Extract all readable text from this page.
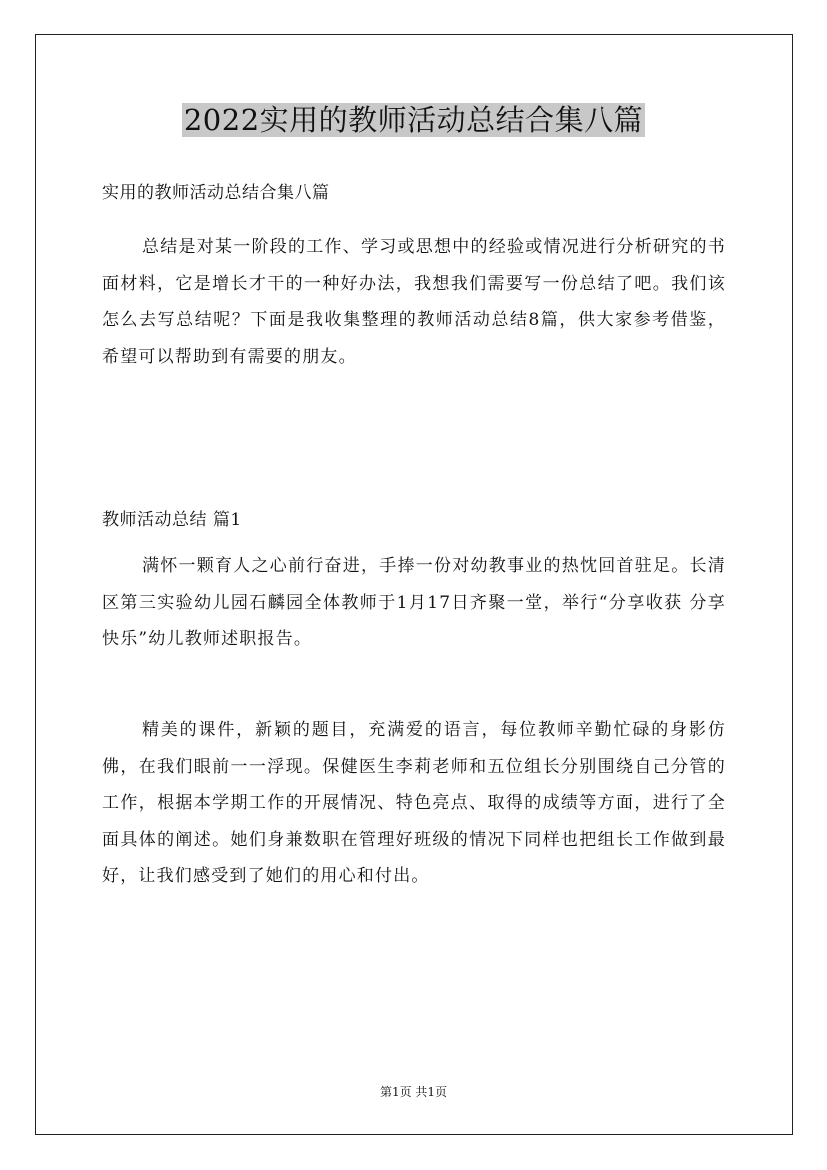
2022实用的教师活动总结合集八篇
实用的教师活动总结合集八篇

总结是对某一阶段的工作、学习或思想中的经验或情况进行分析研究的书面材料，它是增长才干的一种好办法，我想我们需要写一份总结了吧。我们该怎么去写总结呢？下面是我收集整理的教师活动总结8篇，供大家参考借鉴，希望可以帮助到有需要的朋友。

教师活动总结 篇1

满怀一颗育人之心前行奋进，手捧一份对幼教事业的热忱回首驻足。长清区第三实验幼儿园石麟园全体教师于1月17日齐聚一堂，举行“分享收获 分享快乐”幼儿教师述职报告。

精美的课件，新颖的题目，充满爱的语言，每位教师辛勤忙碌的身影仿佛，在我们眼前一一浮现。保健医生李莉老师和五位组长分别围绕自己分管的工作，根据本学期工作的开展情况、特色亮点、取得的成绩等方面，进行了全面具体的阐述。她们身兼数职在管理好班级的情况下同样也把组长工作做到最好，让我们感受到了她们的用心和付出。

第1页 共1页
